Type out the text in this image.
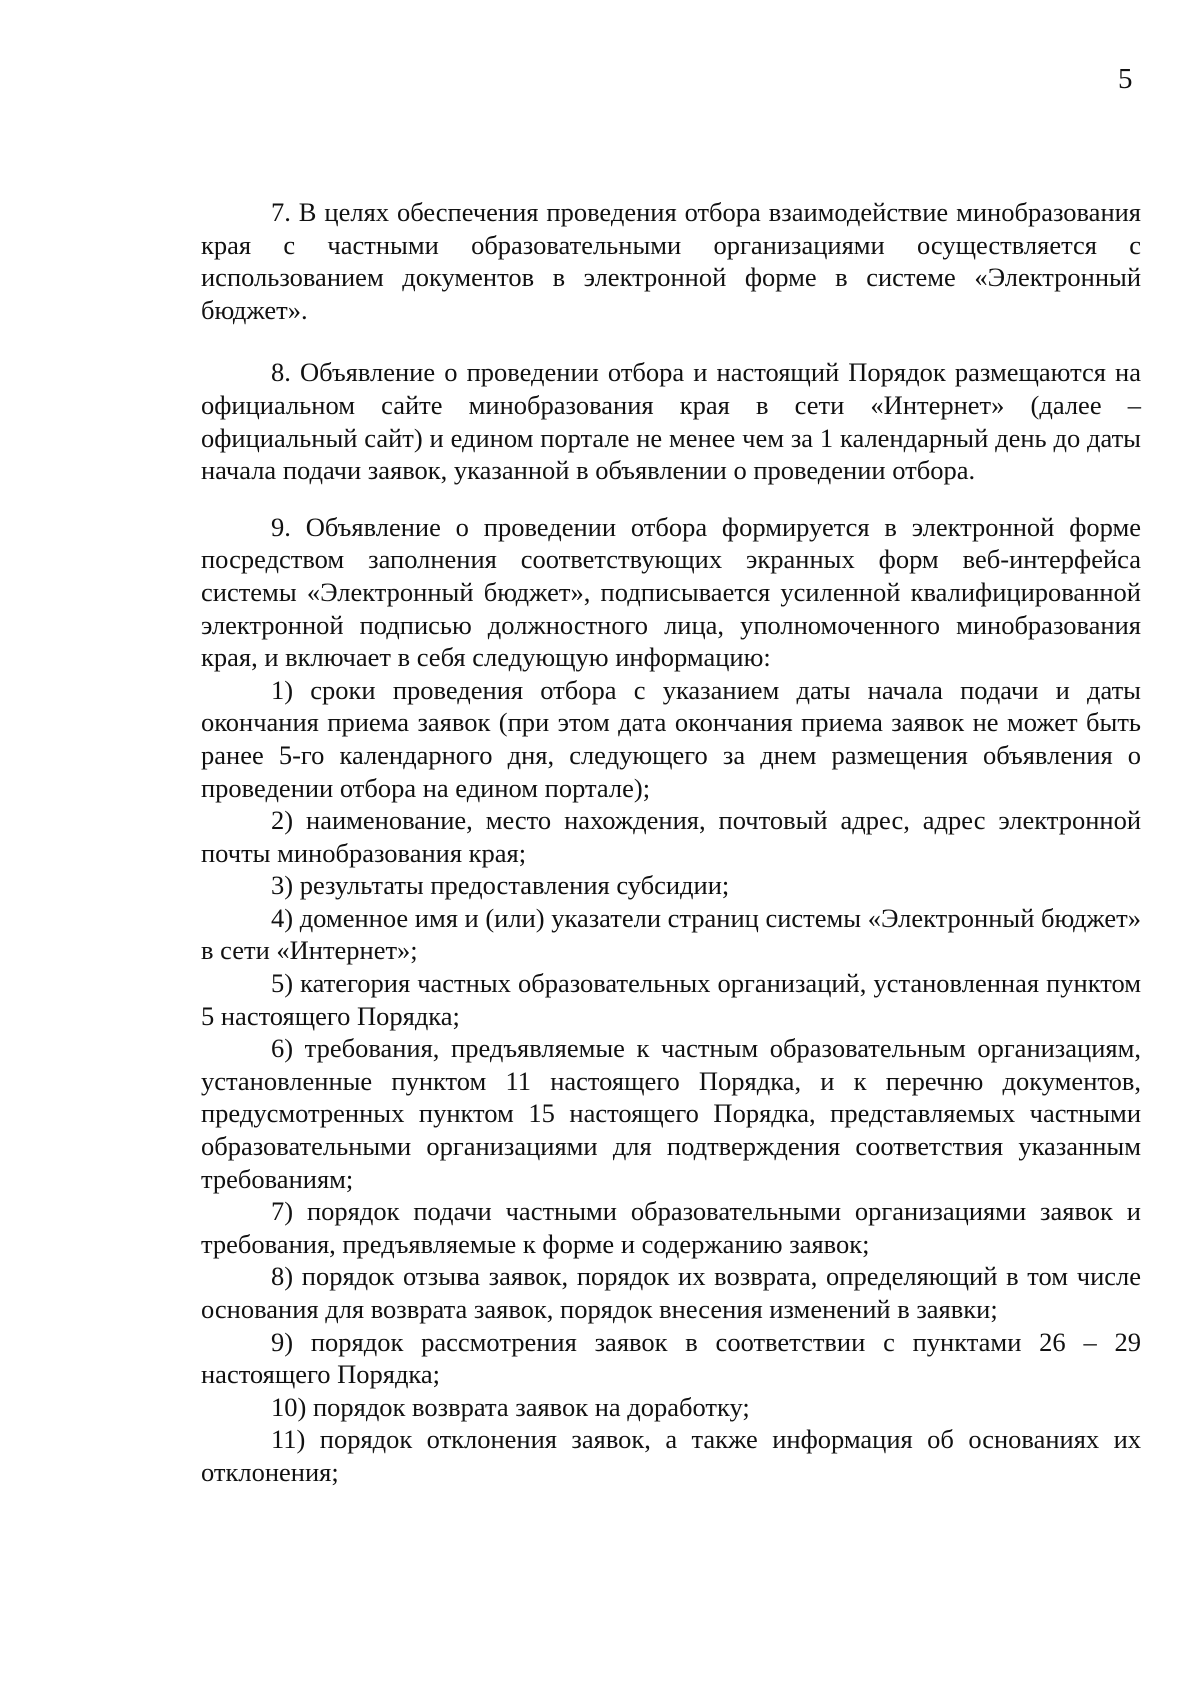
5

7. В целях обеспечения проведения отбора взаимодействие минобразования края с частными образовательными организациями осуществляется с использованием документов в электронной форме в системе «Электронный бюджет».

8. Объявление о проведении отбора и настоящий Порядок размещаются на официальном сайте минобразования края в сети «Интернет» (далее – официальный сайт) и едином портале не менее чем за 1 календарный день до даты начала подачи заявок, указанной в объявлении о проведении отбора.

9. Объявление о проведении отбора формируется в электронной форме посредством заполнения соответствующих экранных форм веб-интерфейса системы «Электронный бюджет», подписывается усиленной квалифицированной электронной подписью должностного лица, уполномоченного минобразования края, и включает в себя следующую информацию:

1) сроки проведения отбора с указанием даты начала подачи и даты окончания приема заявок (при этом дата окончания приема заявок не может быть ранее 5-го календарного дня, следующего за днем размещения объявления о проведении отбора на едином портале);

2) наименование, место нахождения, почтовый адрес, адрес электронной почты минобразования края;

3) результаты предоставления субсидии;

4) доменное имя и (или) указатели страниц системы «Электронный бюджет» в сети «Интернет»;

5) категория частных образовательных организаций, установленная пунктом 5 настоящего Порядка;

6) требования, предъявляемые к частным образовательным организациям, установленные пунктом 11 настоящего Порядка, и к перечню документов, предусмотренных пунктом 15 настоящего Порядка, представляемых частными образовательными организациями для подтверждения соответствия указанным требованиям;

7) порядок подачи частными образовательными организациями заявок и требования, предъявляемые к форме и содержанию заявок;

8) порядок отзыва заявок, порядок их возврата, определяющий в том числе основания для возврата заявок, порядок внесения изменений в заявки;

9) порядок рассмотрения заявок в соответствии с пунктами 26 – 29 настоящего Порядка;

10) порядок возврата заявок на доработку;

11) порядок отклонения заявок, а также информация об основаниях их отклонения;
